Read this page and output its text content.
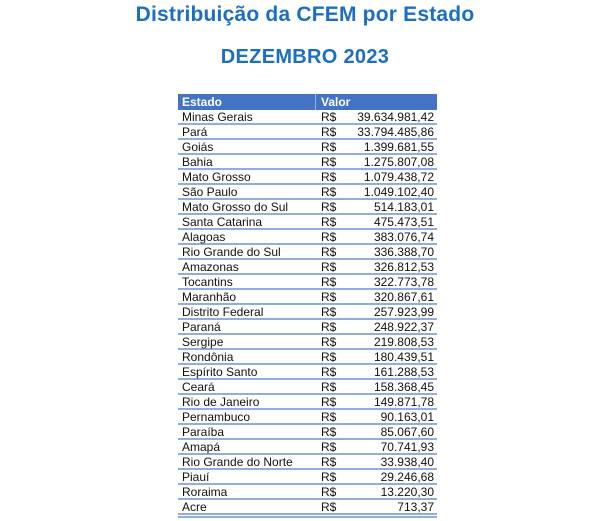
Distribuição da CFEM por Estado
DEZEMBRO 2023
Estado	Valor
Minas Gerais	R$ 39.634.981,42
Pará	R$ 33.794.485,86
Goiás	R$ 1.399.681,55
Bahia	R$ 1.275.807,08
Mato Grosso	R$ 1.079.438,72
São Paulo	R$ 1.049.102,40
Mato Grosso do Sul	R$	514.183,01
Santa Catarina	R$	475.473,51
Alagoas	R$	383.076,74
Rio Grande do Sul	R$	336.388,70
Amazonas	R$	326.812,53
Tocantins	R$	322.773,78
Maranhão	R$	320.867,61
Distrito Federal	R$	257.923,99
Paraná	R$	248.922,37
Sergipe	R$	219.808,53
Rondônia	R$	180.439,51
Espírito Santo	R$	161.288,53
Ceará	R$	158.368,45
Rio de Janeiro	R$	149.871,78
Pernambuco	R$	90.163,01
Paraíba	R$	85.067,60
Amapá	R$	70.741,93
Rio Grande do Norte	R$	33.938,40
Piauí	R$	29.246,68
Roraima	R$	13.220,30
Acre	R$	713,37
